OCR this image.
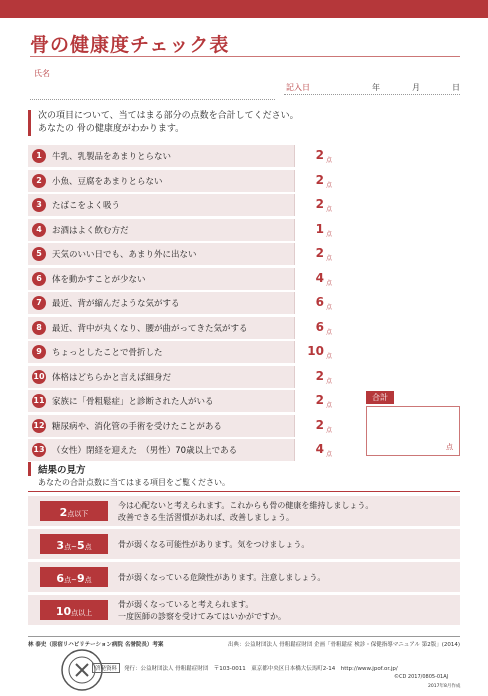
骨の健康度チェック表
氏名
記入日	年	月	日
次の項目について、当てはまる部分の点数を合計してください。
あなたの 骨の健康度がわかります。
1	牛乳、乳製品をあまりとらない	2 点
2	小魚、豆腐をあまりとらない	2 点
3	たばこをよく吸う	2 点
4	お酒はよく飲む方だ	1 点
5	天気のいい日でも、あまり外に出ない	2 点
6	体を動かすことが少ない	4 点
7	最近、背が縮んだような気がする	6 点
8	最近、背中が丸くなり、腰が曲がってきた気がする	6 点
9	ちょっとしたことで骨折した	10 点
10 体格はどちらかと言えば細身だ	2 点
11 家族に「骨粗鬆症」と診断された人がいる	2 点
12 糖尿病や、消化管の手術を受けたことがある	2 点
13 （女性）閉経を迎えた　（男性）70歳以上である	4 点
合計
点
結果の見方
あなたの合計点数に当てはまる項目をご覧ください。
2点以下
今は心配ないと考えられます。これからも骨の健康を維持しましょう。
改善できる生活習慣があれば、改善しましょう。
3点~5点	骨が弱くなる可能性があります。気をつけましょう。
6点~9点	骨が弱くなっている危険性があります。注意しましょう。
10点以上
骨が弱くなっていると考えられます。
一度医師の診察を受けてみてはいかがですか。
林 泰史（原宿リハビリテーション病院 名誉院長）考案	出典：公益財団法人 骨粗鬆症財団 企画「骨粗鬆症 検診・保健指導マニュアル 第2版」(2014)
啓発資料	発行：公益財団法人 骨粗鬆症財団　〒103-0011　東京都中央区日本橋大伝馬町2-14　http://www.jpof.or.jp/
©CD 2017/0805-01AJ
2017年8月作成
